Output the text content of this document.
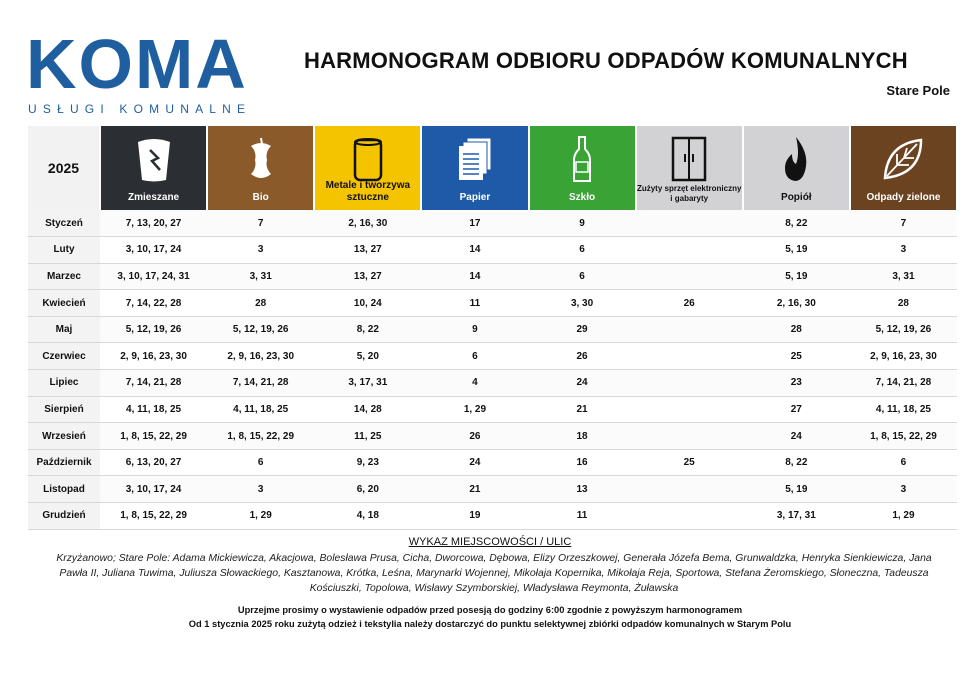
KOMA
USŁUGI KOMUNALNE
HARMONOGRAM ODBIORU ODPADÓW KOMUNALNYCH
Stare Pole
2025	Zmieszane	Bio	Metale i tworzywa sztuczne	Papier	Szkło	Zużyty sprzęt elektroniczny i gabaryty	Popiół	Odpady zielone

Styczeń	7, 13, 20, 27	7	2, 16, 30	17	9		8, 22	7
Luty	3, 10, 17, 24	3	13, 27	14	6		5, 19	3
Marzec	3, 10, 17, 24, 31	3, 31	13, 27	14	6		5, 19	3, 31
Kwiecień	7, 14, 22, 28	28	10, 24	11	3, 30	26	2, 16, 30	28
Maj	5, 12, 19, 26	5, 12, 19, 26	8, 22	9	29		28	5, 12, 19, 26
Czerwiec	2, 9, 16, 23, 30	2, 9, 16, 23, 30	5, 20	6	26		25	2, 9, 16, 23, 30
Lipiec	7, 14, 21, 28	7, 14, 21, 28	3, 17, 31	4	24		23	7, 14, 21, 28
Sierpień	4, 11, 18, 25	4, 11, 18, 25	14, 28	1, 29	21		27	4, 11, 18, 25
Wrzesień	1, 8, 15, 22, 29	1, 8, 15, 22, 29	11, 25	26	18		24	1, 8, 15, 22, 29
Październik	6, 13, 20, 27	6	9, 23	24	16	25	8, 22	6
Listopad	3, 10, 17, 24	3	6, 20	21	13		5, 19	3
Grudzień	1, 8, 15, 22, 29	1, 29	4, 18	19	11		3, 17, 31	1, 29
WYKAZ MIEJSCOWOŚCI / ULIC
Krzyżanowo; Stare Pole: Adama Mickiewicza, Akacjowa, Bolesława Prusa, Cicha, Dworcowa, Dębowa, Elizy Orzeszkowej, Generała Józefa Bema, Grunwaldzka, Henryka Sienkiewicza, Jana Pawła II, Juliana Tuwima, Juliusza Słowackiego, Kasztanowa, Krótka, Leśna, Marynarki Wojennej, Mikołaja Kopernika, Mikołaja Reja, Sportowa, Stefana Żeromskiego, Słoneczna, Tadeusza Kościuszki, Topolowa, Wisławy Szymborskiej, Władysława Reymonta, Żuławska
Uprzejme prosimy o wystawienie odpadów przed posesją do godziny 6:00 zgodnie z powyższym harmonogramem
Od 1 stycznia 2025 roku zużytą odzież i tekstylia należy dostarczyć do punktu selektywnej zbiórki odpadów komunalnych w Starym Polu
